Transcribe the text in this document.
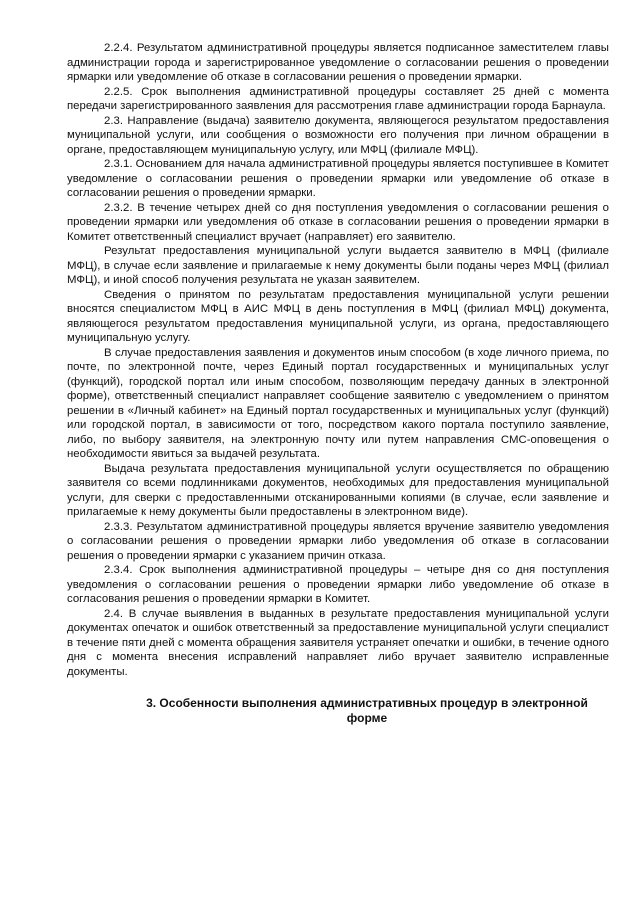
2.2.4. Результатом административной процедуры является подписанное заместителем главы администрации города и зарегистрированное уведомление о согласовании решения о проведении ярмарки или уведомление об отказе в согласовании решения о проведении ярмарки.

2.2.5. Срок выполнения административной процедуры составляет 25 дней с момента передачи зарегистрированного заявления для рассмотрения главе администрации города Барнаула.

2.3. Направление (выдача) заявителю документа, являющегося результатом предоставления муниципальной услуги, или сообщения о возможности его получения при личном обращении в органе, предоставляющем муниципальную услугу, или МФЦ (филиале МФЦ).

2.3.1. Основанием для начала административной процедуры является поступившее в Комитет уведомление о согласовании решения о проведении ярмарки или уведомление об отказе в согласовании решения о проведении ярмарки.

2.3.2. В течение четырех дней со дня поступления уведомления о согласовании решения о проведении ярмарки или уведомления об отказе в согласовании решения о проведении ярмарки в Комитет ответственный специалист вручает (направляет) его заявителю.

Результат предоставления муниципальной услуги выдается заявителю в МФЦ (филиале МФЦ), в случае если заявление и прилагаемые к нему документы были поданы через МФЦ (филиал МФЦ), и иной способ получения результата не указан заявителем.

Сведения о принятом по результатам предоставления муниципальной услуги решении вносятся специалистом МФЦ в АИС МФЦ в день поступления в МФЦ (филиал МФЦ) документа, являющегося результатом предоставления муниципальной услуги, из органа, предоставляющего муниципальную услугу.

В случае предоставления заявления и документов иным способом (в ходе личного приема, по почте, по электронной почте, через Единый портал государственных и муниципальных услуг (функций), городской портал или иным способом, позволяющим передачу данных в электронной форме), ответственный специалист направляет сообщение заявителю с уведомлением о принятом решении в «Личный кабинет» на Единый портал государственных и муниципальных услуг (функций) или городской портал, в зависимости от того, посредством какого портала поступило заявление, либо, по выбору заявителя, на электронную почту или путем направления СМС-оповещения о необходимости явиться за выдачей результата.

Выдача результата предоставления муниципальной услуги осуществляется по обращению заявителя со всеми подлинниками документов, необходимых для предоставления муниципальной услуги, для сверки с предоставленными отсканированными копиями (в случае, если заявление и прилагаемые к нему документы были предоставлены в электронном виде).

2.3.3. Результатом административной процедуры является вручение заявителю уведомления о согласовании решения о проведении ярмарки либо уведомления об отказе в согласовании решения о проведении ярмарки с указанием причин отказа.

2.3.4. Срок выполнения административной процедуры – четыре дня со дня поступления уведомления о согласовании решения о проведении ярмарки либо уведомление об отказе в согласования решения о проведении ярмарки в Комитет.

2.4. В случае выявления в выданных в результате предоставления муниципальной услуги документах опечаток и ошибок ответственный за предоставление муниципальной услуги специалист в течение пяти дней с момента обращения заявителя устраняет опечатки и ошибки, в течение одного дня с момента внесения исправлений направляет либо вручает заявителю исправленные документы.

3. Особенности выполнения административных процедур в электронной форме
